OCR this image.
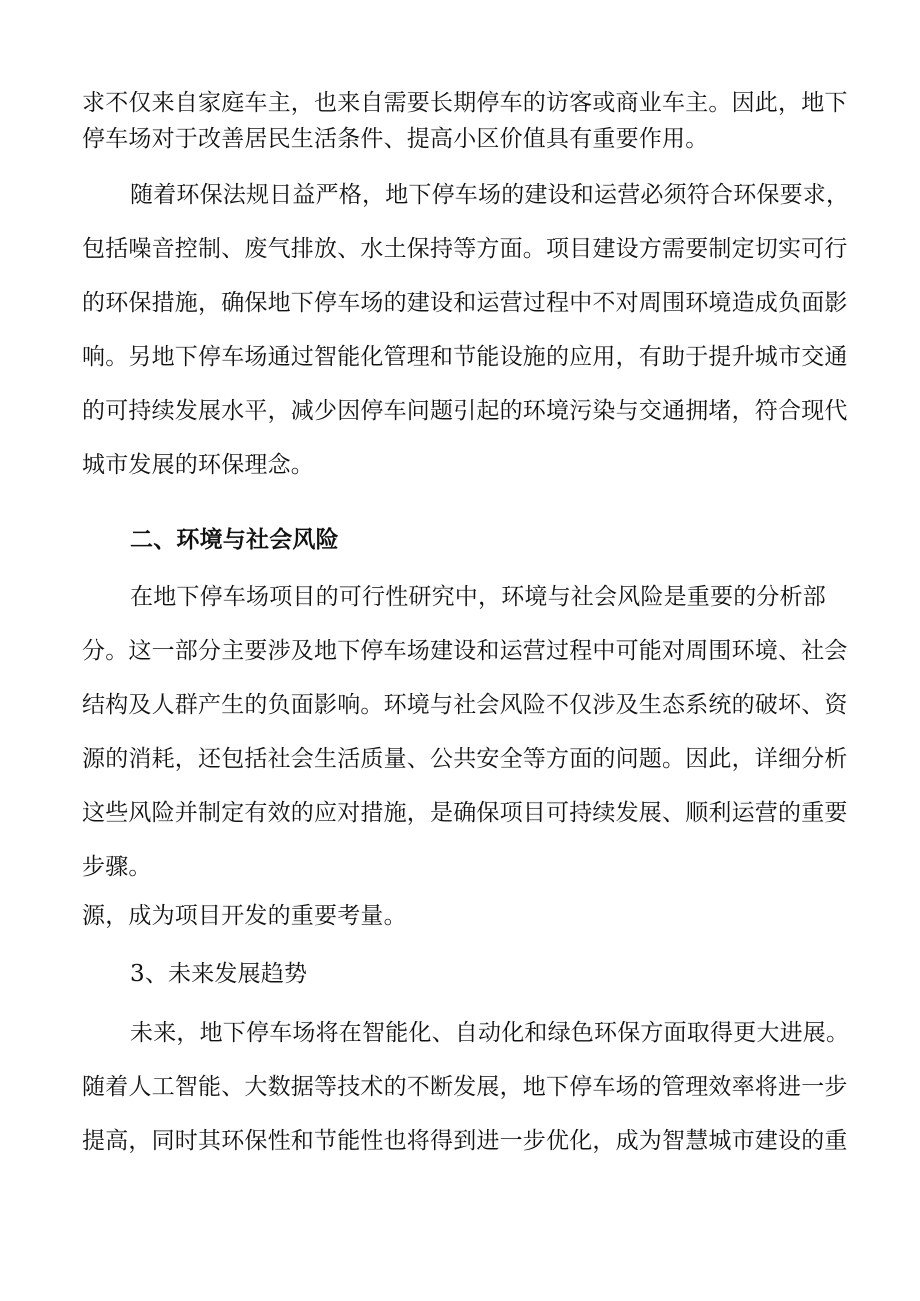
求不仅来自家庭车主，也来自需要长期停车的访客或商业车主。因此，地下
停车场对于改善居民生活条件、提高小区价值具有重要作用。
随着环保法规日益严格，地下停车场的建设和运营必须符合环保要求，
包括噪音控制、废气排放、水土保持等方面。项目建设方需要制定切实可行
的环保措施，确保地下停车场的建设和运营过程中不对周围环境造成负面影
响。另地下停车场通过智能化管理和节能设施的应用，有助于提升城市交通
的可持续发展水平，减少因停车问题引起的环境污染与交通拥堵，符合现代
城市发展的环保理念。
二、环境与社会风险
在地下停车场项目的可行性研究中，环境与社会风险是重要的分析部
分。这一部分主要涉及地下停车场建设和运营过程中可能对周围环境、社会
结构及人群产生的负面影响。环境与社会风险不仅涉及生态系统的破坏、资
源的消耗，还包括社会生活质量、公共安全等方面的问题。因此，详细分析
这些风险并制定有效的应对措施，是确保项目可持续发展、顺利运营的重要
步骤。
源，成为项目开发的重要考量。
3、未来发展趋势
未来，地下停车场将在智能化、自动化和绿色环保方面取得更大进展。
随着人工智能、大数据等技术的不断发展，地下停车场的管理效率将进一步
提高，同时其环保性和节能性也将得到进一步优化，成为智慧城市建设的重
